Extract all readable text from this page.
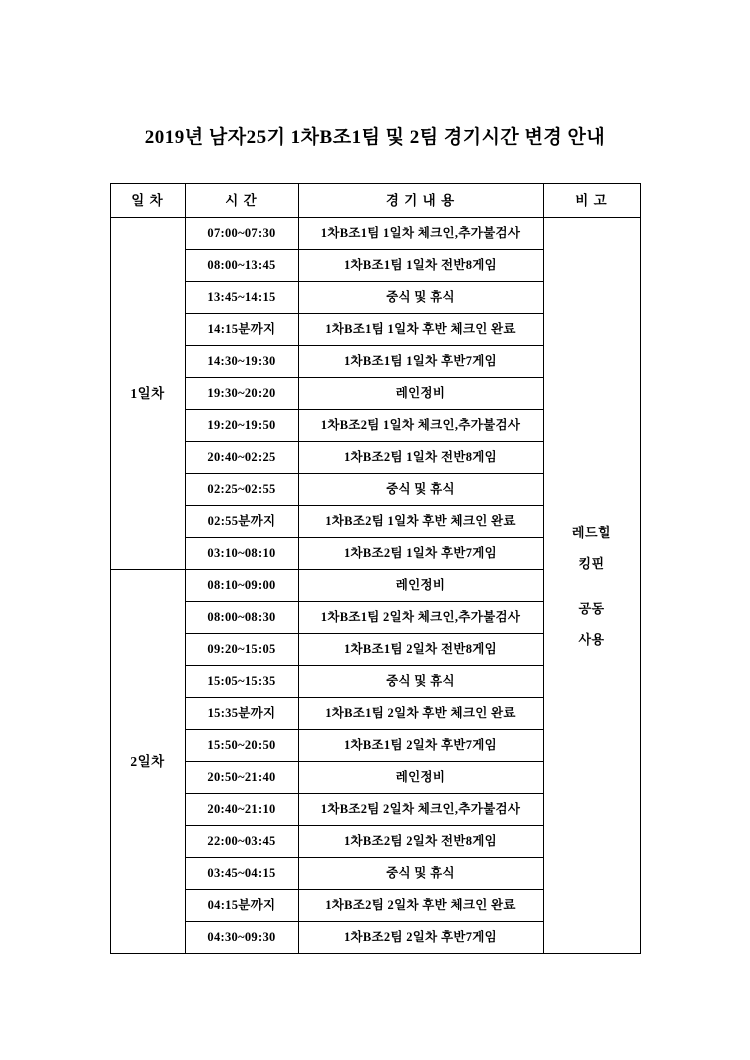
2019년 남자25기 1차B조1팀 및 2팀 경기시간 변경 안내
일 차	시 간	경 기 내 용	비 고
1일차	07:00~07:30	1차B조1팀 1일차 체크인,추가불검사	레드힐
킹핀
공동
사용

	08:00~13:45	1차B조1팀 1일차 전반8게임	
	13:45~14:15	중식 및 휴식	
	14:15분까지	1차B조1팀 1일차 후반 체크인 완료	
	14:30~19:30	1차B조1팀 1일차 후반7게임	
	19:30~20:20	레인정비	
	19:20~19:50	1차B조2팀 1일차 체크인,추가불검사	
	20:40~02:25	1차B조2팀 1일차 전반8게임	
	02:25~02:55	중식 및 휴식	
	02:55분까지	1차B조2팀 1일차 후반 체크인 완료	
	03:10~08:10	1차B조2팀 1일차 후반7게임	
2일차	08:10~09:00	레인정비	
	08:00~08:30	1차B조1팀 2일차 체크인,추가불검사	
	09:20~15:05	1차B조1팀 2일차 전반8게임	
	15:05~15:35	중식 및 휴식	
	15:35분까지	1차B조1팀 2일차 후반 체크인 완료	
	15:50~20:50	1차B조1팀 2일차 후반7게임	
	20:50~21:40	레인정비	
	20:40~21:10	1차B조2팀 2일차 체크인,추가불검사	
	22:00~03:45	1차B조2팀 2일차 전반8게임	
	03:45~04:15	중식 및 휴식	
	04:15분까지	1차B조2팀 2일차 후반 체크인 완료	
	04:30~09:30	1차B조2팀 2일차 후반7게임	
